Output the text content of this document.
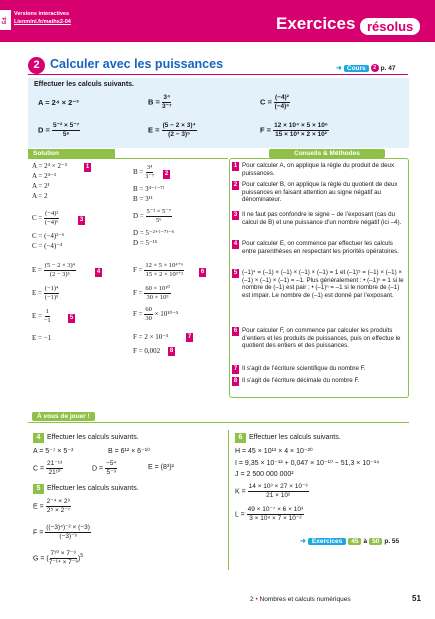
Éd.
Versions interactives
Lienmini.fr/maths2-04	Exercices résolus
2 Calculer avec les puissances	➜ Cours	2 p. 47
Effectuer les calculs suivants.
A = 2⁴ × 2⁻³	$B = \frac{\text{3⁴}}{\text{3⁻⁷}}$	$C = \frac{\text{(−4)²}}{\text{(−4)⁶}}$
$D = \frac{\text{5⁻² × 5⁻⁷}}{\text{5⁶}}$	$E = \frac{\text{(5 − 2 × 3)⁴}}{\text{(2 − 3)⁵}}$	$F = \frac{\text{12 × 10⁴ × 5 × 10⁶}}{\text{15 × 10³ × 2 × 10²}}$
Solution
A = 2⁴ × 2⁻³	1
A = 2⁴⁻³
A = 2¹
A = 2
$C = \frac{\text{(−4)²}}{\text{(−4)⁶}}$	3
C = (−4)²⁻⁶
C = (−4)⁻⁴
$E = \frac{\text{(5 − 2 × 3)⁴}}{\text{(2 − 3)⁵}}$	4
$E = \frac{\text{(−1)⁴}}{\text{(−1)⁵}}$
$E = \frac{1}{-1}$	5
E = −1
$B = \frac{\text{3⁴}}{\text{3⁻⁷}}$	2
B = 3⁴⁻⁽⁻⁷⁾
B = 3¹¹
$D = \frac{\text{5⁻² × 5⁻⁷}}{\text{5⁶}}$
D = 5⁻²⁺⁽⁻⁷⁾⁻⁶
D = 5⁻¹⁵
$F = \frac{\text{12 × 5 × 10⁴⁺⁶}}{\text{15 × 2 × 10³⁺²}}$	6
$F = \frac{\text{60 × 10¹⁰}}{\text{30 × 10⁵}}$
$F = \frac{60}{30} \times 10^{10-5}$
F = 2 × 10⁻⁵	7
F = 0,002	8
Conseils & Méthodes
1 Pour calculer A, on applique la règle du produit de deux puissances.
2 Pour calculer B, on applique la règle du quotient de deux puissances en faisant attention au signe négatif au dénominateur.
3 Il ne faut pas confondre le signe – de l’exposant (cas du calcul de B) et une puissance d’un nombre négatif (ici –4).
4 Pour calculer E, on commence par effectuer les calculs entre parenthèses en respectant les priorités opératoires.
5 (–1)⁴ = (–1) × (–1) × (–1) × (–1) = 1 et (–1)⁵ = (–1) × (–1) × (–1) × (–1) × (–1) = –1. Plus généralement : • (–1)ⁿ = 1 si le nombre de (–1) est pair ; • (–1)ⁿ = –1 si le nombre de (–1) est impair. Le nombre de (–1) est donné par l’exposant.
6 Pour calculer F, on commence par calculer les produits d’entiers et les produits de puissances, puis on effectue le quotient des entiers et des puissances.
7 Il s’agit de l’écriture scientifique du nombre F.
8 Il s’agit de l’écriture décimale du nombre F.
À vous de jouer !
4 Effectuer les calculs suivants.
A = 5⁻⁷ × 5⁻³	B = 6¹² × 6⁻¹⁰
$C = \frac{\text{21⁻¹³}}{\text{21¹⁰}}$	$D = \frac{\text{−5⁴}}{\text{5⁻³}}$	E = (8³)²
5 Effectuer les calculs suivants.
$E = \frac{\text{2⁻⁴ × 2⁹}}{\text{2⁵ × 2⁻⁷}}$
$F = \frac{\text{((−3)⁴)⁻² × (−3)}}{\text{(−3)⁻³}}$
G = ( $\frac{\text{7¹⁰ × 7⁻⁹}}{\text{7⁻¹⁴ × 7⁻⁸}} )^5$
6 Effectuer les calculs suivants.
H = 45 × 10¹³ × 4 × 10⁻²⁰
I = 9,35 × 10⁻¹² + 0,047 × 10⁻¹⁰ − 51,3 × 10⁻¹⁴
J = 2 500 000 000²
$K = \frac{\text{14 × 10³ × 27 × 10⁻³}}{\text{21 × 10²}}$
$L = \frac{\text{49 × 10⁻⁷ × 6 × 10³}}{\text{3 × 10⁴ × 7 × 10⁻²}}$
➜ Exercices	45 à 50 p. 55
2 • Nombres et calculs numériques	51
